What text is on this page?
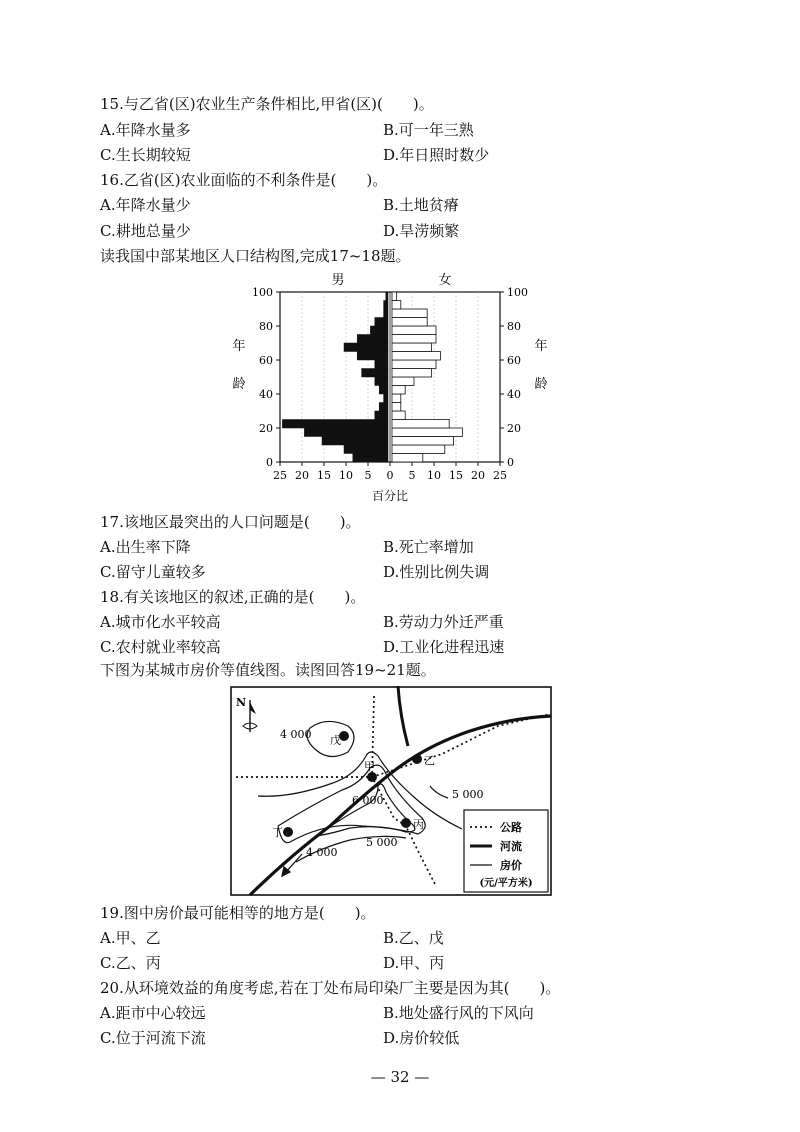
15.与乙省(区)农业生产条件相比,甲省(区)(　　)。
A.年降水量多	B.可一年三熟
C.生长期较短	D.年日照时数少
16.乙省(区)农业面临的不利条件是(　　)。
A.年降水量少	B.土地贫瘠
C.耕地总量少	D.旱涝频繁
读我国中部某地区人口结构图,完成17~18题。
男	女
年
龄
年
龄
0	0
20	20
40	40
60	60
80	80
100	100
25 20 15 10 5 0 5 10 15 20 25
百分比
17.该地区最突出的人口问题是(　　)。
A.出生率下降	B.死亡率增加
C.留守儿童较多	D.性别比例失调
18.有关该地区的叙述,正确的是(　　)。
A.城市化水平较高	B.劳动力外迁严重
C.农村就业率较高	D.工业化进程迅速
下图为某城市房价等值线图。读图回答19~21题。
N
4 000
5 000
6 000
5 000
4 000
戊
甲	乙
丙
丁	公路
河流
房价
(元/平方米)
19.图中房价最可能相等的地方是(　　)。
A.甲、乙	B.乙、戊
C.乙、丙	D.甲、丙
20.从环境效益的角度考虑,若在丁处布局印染厂主要是因为其(　　)。
A.距市中心较远	B.地处盛行风的下风向
C.位于河流下流	D.房价较低
— 32 —
